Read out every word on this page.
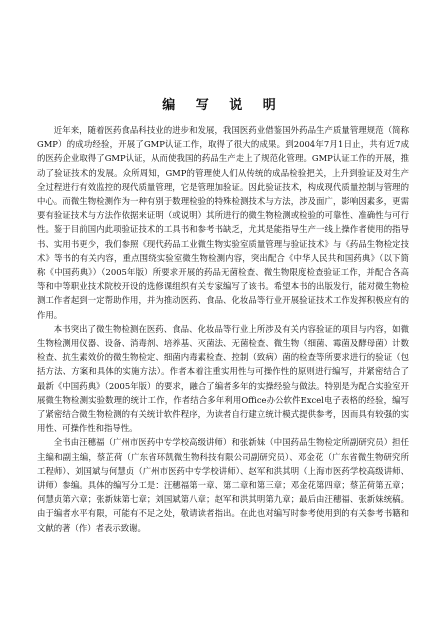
编 写 说 明

近年来，随着医药食品科技业的进步和发展，我国医药业借鉴国外药品生产质量管理规范（简称GMP）的成功经验，开展了GMP认证工作，取得了很大的成果。到2004年7月1日止，共有近7成的医药企业取得了GMP认证，从而使我国的药品生产走上了规范化管理。GMP认证工作的开展，推动了验证技术的发展。众所周知，GMP的管理使人们从传统的成品检验把关，上升到验证及对生产全过程进行有效监控的现代质量管理，它是管理加验证。因此验证技术，构成现代质量控制与管理的中心。而微生物检测作为一种有别于数理检验的特殊检测技术与方法，涉及面广，影响因素多，更需要有验证技术与方法作依据来证明（或说明）其所进行的微生物检测或检验的可靠性、准确性与可行性。鉴于目前国内此项验证技术的工具书和参考书缺乏，尤其是能指导生产一线上操作者使用的指导书、实用书更少，我们参照《现代药品工业微生物实验室质量管理与验证技术》与《药品生物检定技术》等书的有关内容，重点围绕实验室微生物检测内容，突出配合《中华人民共和国药典》（以下简称《中国药典》）（2005年版）所要求开展的药品无菌检查、微生物限度检查验证工作，并配合各高等和中等职业技术院校开设的选修课组织有关专家编写了该书。希望本书的出版发行，能对微生物检测工作者起到一定帮助作用，并为推动医药、食品、化妆品等行业开展验证技术工作发挥积极应有的作用。

本书突出了微生物检测在医药、食品、化妆品等行业上所涉及有关内容验证的项目与内容，如微生物检测用仪器、设备、消毒剂、培养基、灭菌法、无菌检查、微生物（细菌、霉菌及酵母菌）计数检查、抗生素效价的微生物检定、细菌内毒素检查、控制（致病）菌的检查等所要求进行的验证（包括方法、方案和具体的实施方法）。作者本着注重实用性与可操作性的原则进行编写，并紧密结合了最新《中国药典》（2005年版）的要求，融合了编者多年的实操经验与做法。特别是为配合实验室开展微生物检测实验数理的统计工作，作者结合多年利用Office办公软件Excel电子表格的经验，编写了紧密结合微生物检测的有关统计软件程序，为读者自行建立统计模式提供参考，因而具有较强的实用性、可操作性和指导性。

全书由汪穗福（广州市医药中专学校高级讲师）和张新妹（中国药品生物检定所副研究员）担任主编和副主编，蔡芷荷（广东省环凯微生物科技有限公司副研究员）、邓金花（广东省微生物研究所工程师）、刘国斌与何慧贞（广州市医药中专学校讲师）、赵军和洪其明（上海市医药学校高级讲师、讲师）参编。具体的编写分工是：汪穗福第一章、第二章和第三章；邓金花第四章；蔡芷荷第五章；何慧贞第六章；张新妹第七章；刘国斌第八章；赵军和洪其明第九章；最后由汪穗福、张新妹统稿。由于编者水平有限，可能有不足之处，敬请读者指出。在此也对编写时参考使用到的有关参考书籍和文献的著（作）者表示致谢。
